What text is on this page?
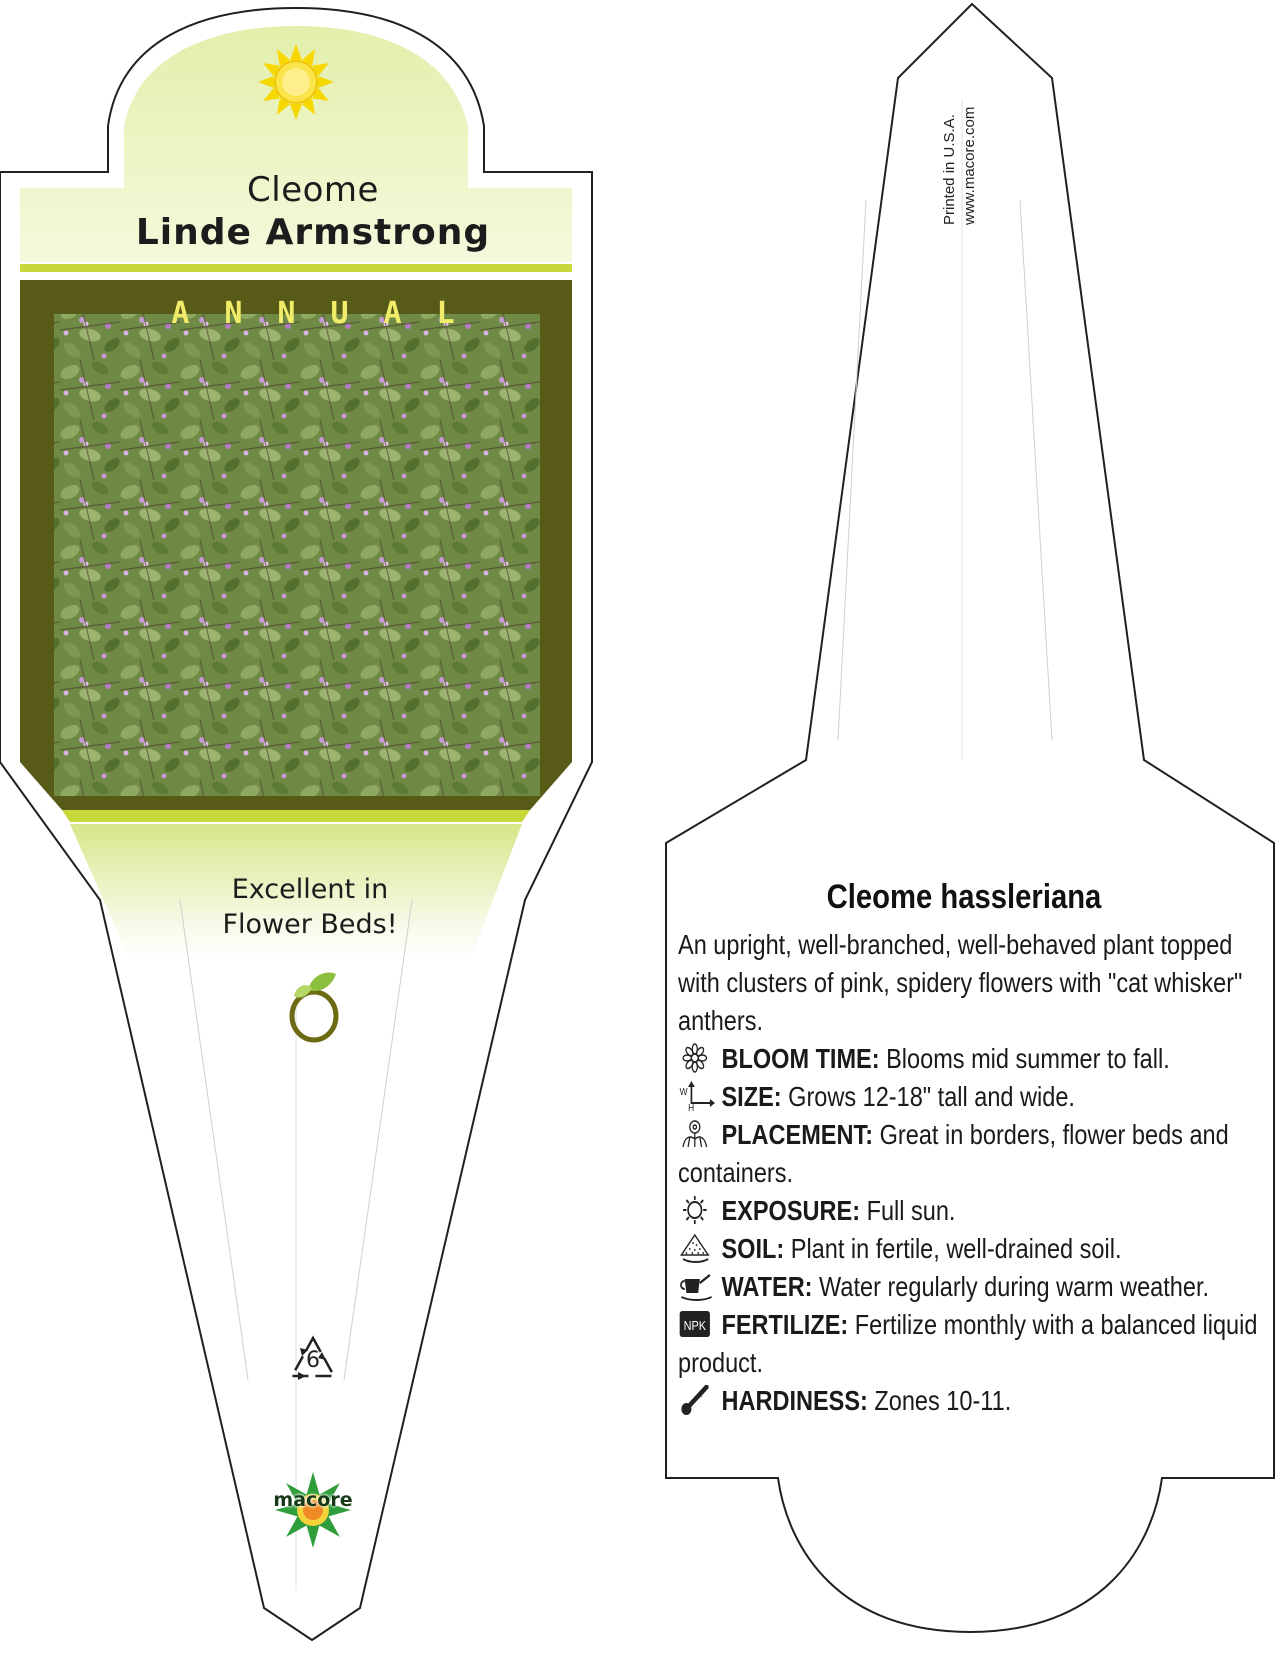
Cleome
Linde Armstrong
ANNUAL
Excellent in
Flower Beds!
6
macore
Printed in U.S.A. www.macore.com
Cleome hassleriana

An upright, well-branched, well-behaved plant topped with clusters of pink, spidery flowers with "cat whisker" anthers.

BLOOM TIME: Blooms mid summer to fall.

W
H SIZE: Grows 12-18" tall and wide.

PLACEMENT: Great in borders, flower beds and containers.

EXPOSURE: Full sun.

SOIL: Plant in fertile, well-drained soil.

WATER: Water regularly during warm weather.

NPK FERTILIZE: Fertilize monthly with a balanced liquid product.

HARDINESS: Zones 10-11.
